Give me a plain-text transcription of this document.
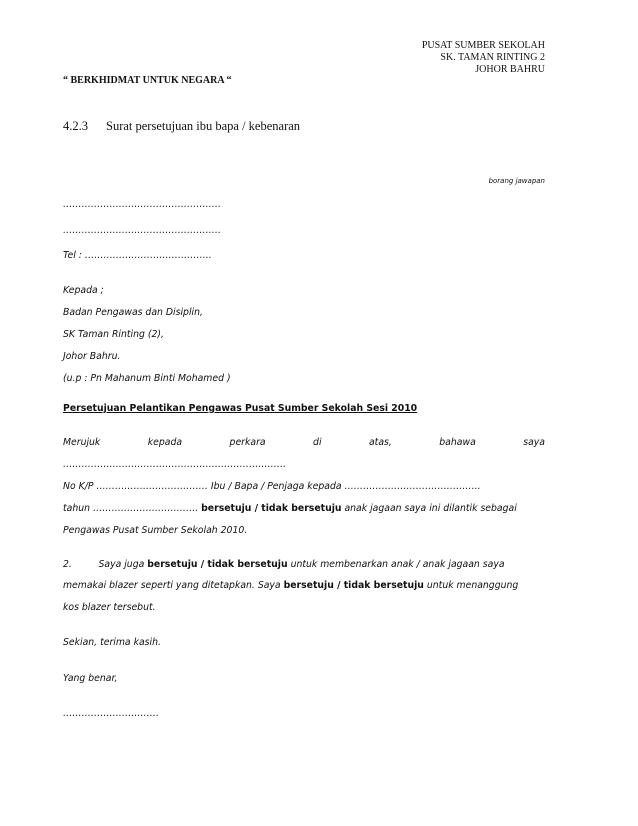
PUSAT SUMBER SEKOLAH
SK. TAMAN RINTING 2
JOHOR BAHRU
“ BERKHIDMAT UNTUK NEGARA “
4.2.3 Surat persetujuan ibu bapa / kebenaran
borang jawapan
……………………………………………
……………………………………………
Tel : …………………………………..
Kepada ;
Badan Pengawas dan Disiplin,
SK Taman Rinting (2),
Johor Bahru.
(u.p : Pn Mahanum Binti Mohamed )
Persetujuan Pelantikan Pengawas Pusat Sumber Sekolah Sesi 2010
Merujuk	kepada	perkara	di	atas,	bahawa	saya
………………………………………………………………
No K/P ……………………………… Ibu / Bapa / Penjaga kepada ……………………………………..
tahun ……………………………. bersetuju / tidak bersetuju anak jagaan saya ini dilantik sebagai
Pengawas Pusat Sumber Sekolah 2010.
2.         Saya juga bersetuju / tidak bersetuju untuk membenarkan anak / anak jagaan saya
memakai blazer seperti yang ditetapkan. Saya bersetuju / tidak bersetuju untuk menanggung
kos blazer tersebut.
Sekian, terima kasih.
Yang benar,
………………………….
